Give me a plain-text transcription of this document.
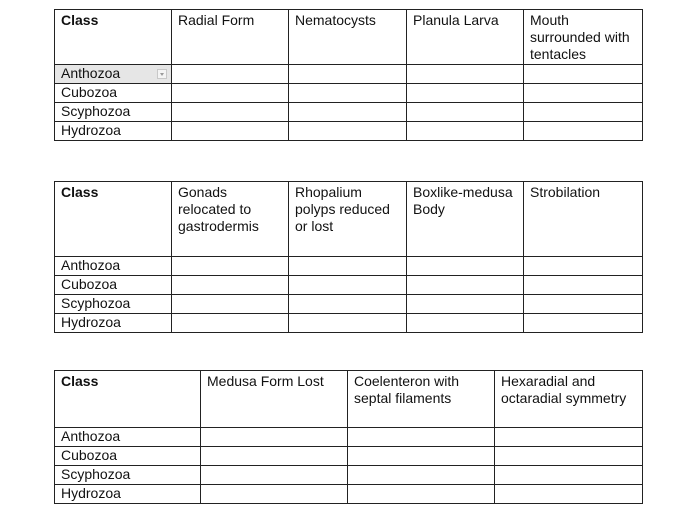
Class	Radial Form	Nematocysts	Planula Larva	Mouth surrounded with tentacles
Anthozoa

Cubozoa				
Scyphozoa				
Hydrozoa				
Class	Gonads relocated to gastrodermis	Rhopalium polyps reduced or lost	Boxlike-medusa Body	Strobilation
Anthozoa				
Cubozoa				
Scyphozoa				
Hydrozoa				
Class	Medusa Form Lost	Coelenteron with septal filaments	Hexaradial and octaradial symmetry
Anthozoa			
Cubozoa			
Scyphozoa			
Hydrozoa			
